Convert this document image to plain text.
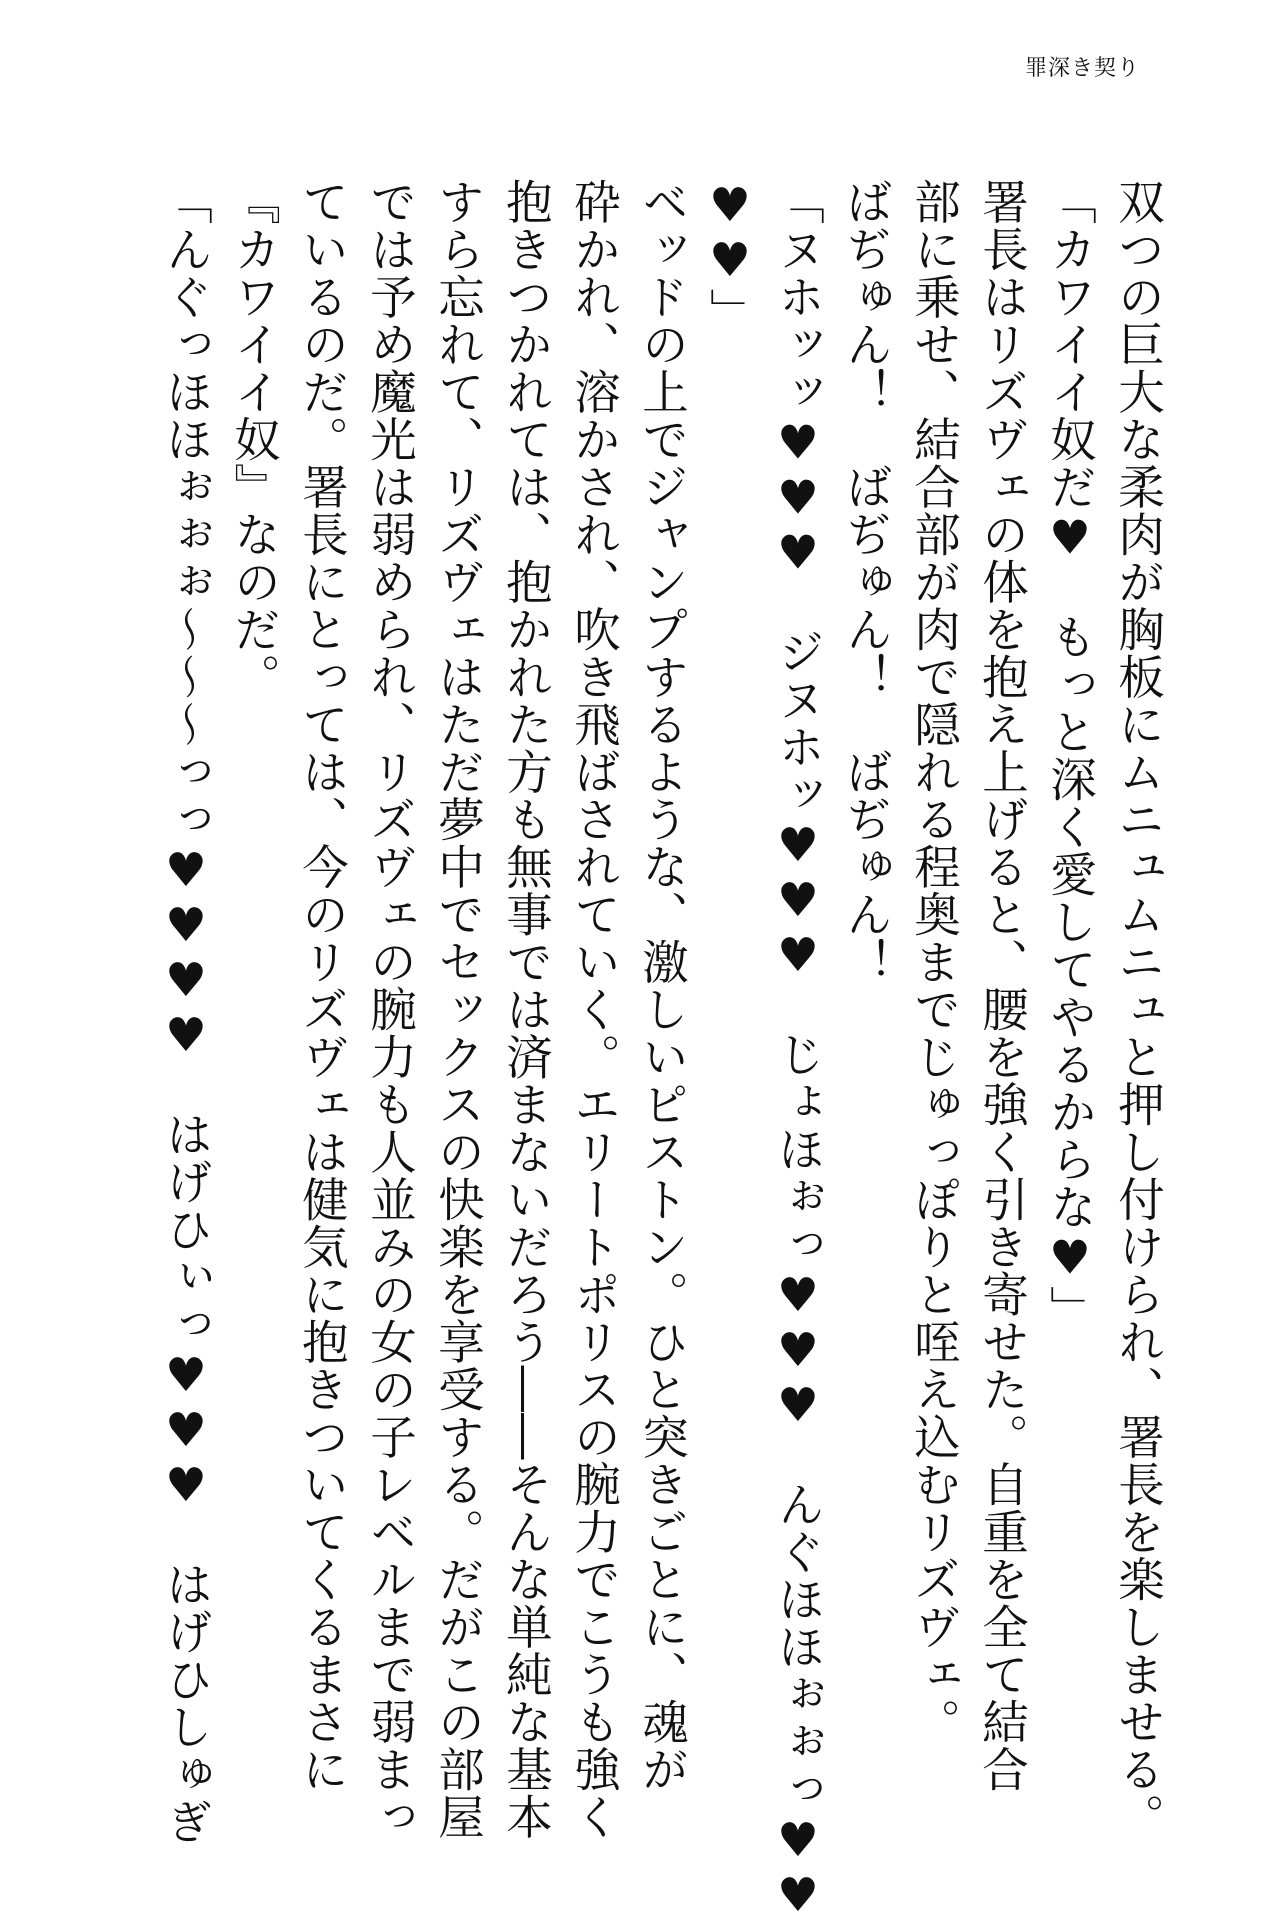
罪深き契り
双つの巨大な柔肉が胸板にムニュムニュと押し付けられ、署長を楽しませる。
「カワイイ奴だ♥　もっと深く愛してやるからな♥」
署長はリズヴェの体を抱え上げると、腰を強く引き寄せた。自重を全て結合
部に乗せ、結合部が肉で隠れる程奥までじゅっぽりと咥え込むリズヴェ。
ばぢゅん！　ばぢゅん！　ばぢゅん！
「ヌホッッ♥♥♥　ジヌホッ♥♥♥　じょほぉっ♥♥♥　んぐほほぉぉっ♥♥
♥♥」
ベッドの上でジャンプするような、激しいピストン。ひと突きごとに、魂が
砕かれ、溶かされ、吹き飛ばされていく。エリートポリスの腕力でこうも強く
抱きつかれては、抱かれた方も無事では済まないだろう――そんな単純な基本
すら忘れて、リズヴェはただ夢中でセックスの快楽を享受する。だがこの部屋
では予め魔光は弱められ、リズヴェの腕力も人並みの女の子レベルまで弱まっ
ているのだ。署長にとっては、今のリズヴェは健気に抱きついてくるまさに
『カワイイ奴』なのだ。
「んぐっほほぉぉぉ～～～っっ♥♥♥♥　はげひぃっ♥♥♥　はげひしゅぎ
